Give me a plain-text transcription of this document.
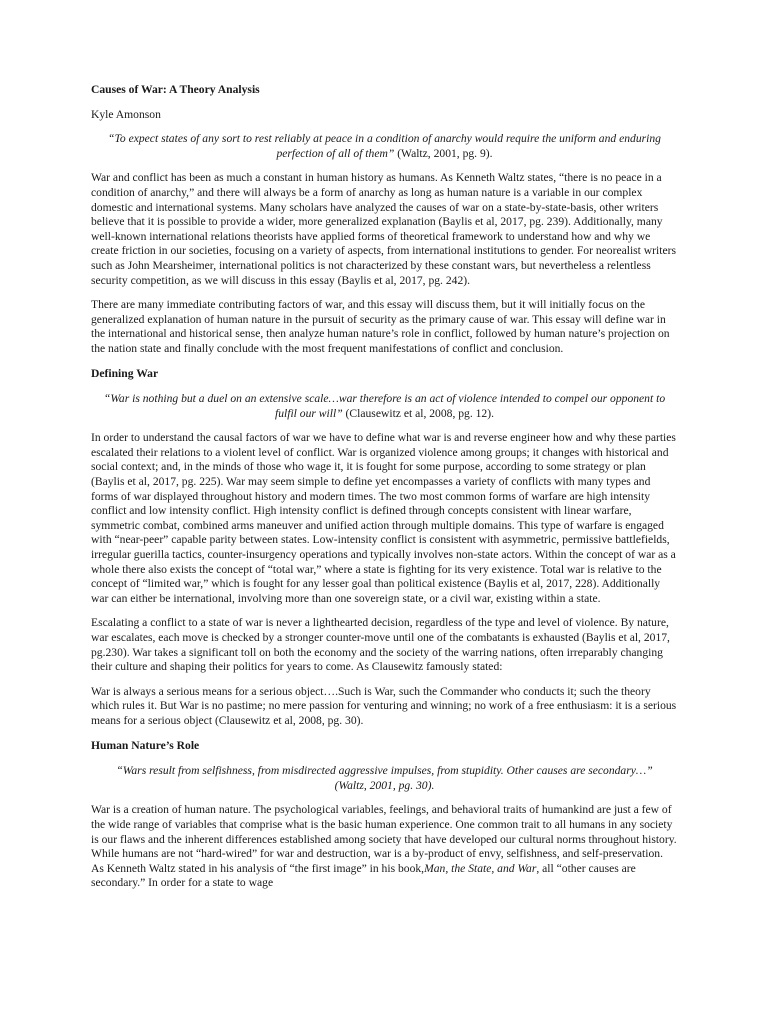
Causes of War: A Theory Analysis

Kyle Amonson

“To expect states of any sort to rest reliably at peace in a condition of anarchy would require the uniform and enduring perfection of all of them” (Waltz, 2001, pg. 9).

War and conflict has been as much a constant in human history as humans. As Kenneth Waltz states, “there is no peace in a condition of anarchy,” and there will always be a form of anarchy as long as human nature is a variable in our complex domestic and international systems. Many scholars have analyzed the causes of war on a state-by-state-basis, other writers believe that it is possible to provide a wider, more generalized explanation (Baylis et al, 2017, pg. 239). Additionally, many well-known international relations theorists have applied forms of theoretical framework to understand how and why we create friction in our societies, focusing on a variety of aspects, from international institutions to gender. For neorealist writers such as John Mearsheimer, international politics is not characterized by these constant wars, but nevertheless a relentless security competition, as we will discuss in this essay (Baylis et al, 2017, pg. 242).

There are many immediate contributing factors of war, and this essay will discuss them, but it will initially focus on the generalized explanation of human nature in the pursuit of security as the primary cause of war. This essay will define war in the international and historical sense, then analyze human nature’s role in conflict, followed by human nature’s projection on the nation state and finally conclude with the most frequent manifestations of conflict and conclusion.

Defining War
“War is nothing but a duel on an extensive scale…war therefore is an act of violence intended to compel our opponent to fulfil our will” (Clausewitz et al, 2008, pg. 12).

In order to understand the causal factors of war we have to define what war is and reverse engineer how and why these parties escalated their relations to a violent level of conflict. War is organized violence among groups; it changes with historical and social context; and, in the minds of those who wage it, it is fought for some purpose, according to some strategy or plan (Baylis et al, 2017, pg. 225). War may seem simple to define yet encompasses a variety of conflicts with many types and forms of war displayed throughout history and modern times. The two most common forms of warfare are high intensity conflict and low intensity conflict. High intensity conflict is defined through concepts consistent with linear warfare, symmetric combat, combined arms maneuver and unified action through multiple domains. This type of warfare is engaged with “near-peer” capable parity between states. Low-intensity conflict is consistent with asymmetric, permissive battlefields, irregular guerilla tactics, counter-insurgency operations and typically involves non-state actors. Within the concept of war as a whole there also exists the concept of “total war,” where a state is fighting for its very existence. Total war is relative to the concept of “limited war,” which is fought for any lesser goal than political existence (Baylis et al, 2017, 228). Additionally war can either be international, involving more than one sovereign state, or a civil war, existing within a state.

Escalating a conflict to a state of war is never a lighthearted decision, regardless of the type and level of violence. By nature, war escalates, each move is checked by a stronger counter-move until one of the combatants is exhausted (Baylis et al, 2017, pg.230). War takes a significant toll on both the economy and the society of the warring nations, often irreparably changing their culture and shaping their politics for years to come. As Clausewitz famously stated:

War is always a serious means for a serious object….Such is War, such the Commander who conducts it; such the theory which rules it. But War is no pastime; no mere passion for venturing and winning; no work of a free enthusiasm: it is a serious means for a serious object (Clausewitz et al, 2008, pg. 30).

Human Nature’s Role
“Wars result from selfishness, from misdirected aggressive impulses, from stupidity. Other causes are secondary…” (Waltz, 2001, pg. 30).

War is a creation of human nature. The psychological variables, feelings, and behavioral traits of humankind are just a few of the wide range of variables that comprise what is the basic human experience. One common trait to all humans in any society is our flaws and the inherent differences established among society that have developed our cultural norms throughout history. While humans are not “hard-wired” for war and destruction, war is a by-product of envy, selfishness, and self-preservation. As Kenneth Waltz stated in his analysis of “the first image” in his book,Man, the State, and War, all “other causes are secondary.” In order for a state to wage
